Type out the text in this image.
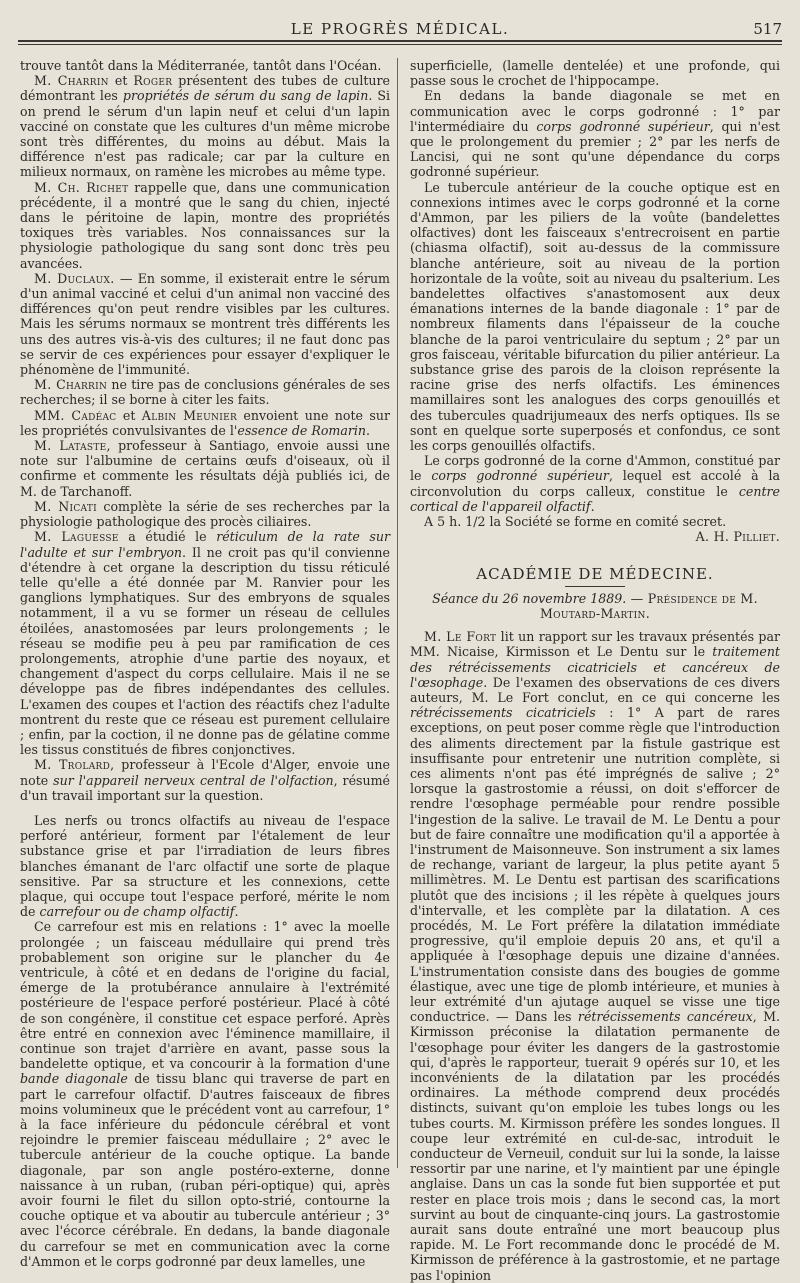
LE PROGRÈS MÉDICAL.	517

trouve tantôt dans la Méditerranée, tantôt dans l'Océan.

M. Charrin et Roger présentent des tubes de culture démontrant les propriétés de sérum du sang de lapin. Si on prend le sérum d'un lapin neuf et celui d'un lapin vacciné on constate que les cultures d'un même microbe sont très différentes, du moins au début. Mais la différence n'est pas radicale; car par la culture en milieux normaux, on ramène les microbes au même type.

M. Ch. Richet rappelle que, dans une communication précédente, il a montré que le sang du chien, injecté dans le péritoine de lapin, montre des propriétés toxiques très variables. Nos connaissances sur la physiologie pathologique du sang sont donc très peu avancées.

M. Duclaux. — En somme, il existerait entre le sérum d'un animal vacciné et celui d'un animal non vacciné des différences qu'on peut rendre visibles par les cultures. Mais les sérums normaux se montrent très différents les uns des autres vis-à-vis des cultures; il ne faut donc pas se servir de ces expériences pour essayer d'expliquer le phénomène de l'immunité.

M. Charrin ne tire pas de conclusions générales de ses recherches; il se borne à citer les faits.

MM. Cadéac et Albin Meunier envoient une note sur les propriétés convulsivantes de l'essence de Romarin.

M. Lataste, professeur à Santiago, envoie aussi une note sur l'albumine de certains œufs d'oiseaux, où il confirme et commente les résultats déjà publiés ici, de M. de Tarchanoff.

M. Nicati complète la série de ses recherches par la physiologie pathologique des procès ciliaires.

M. Laguesse a étudié le réticulum de la rate sur l'adulte et sur l'embryon. Il ne croit pas qu'il convienne d'étendre à cet organe la description du tissu réticulé telle qu'elle a été donnée par M. Ranvier pour les ganglions lymphatiques. Sur des embryons de squales notamment, il a vu se former un réseau de cellules étoilées, anastomosées par leurs prolongements ; le réseau se modifie peu à peu par ramification de ces prolongements, atrophie d'une partie des noyaux, et changement d'aspect du corps cellulaire. Mais il ne se développe pas de fibres indépendantes des cellules. L'examen des coupes et l'action des réactifs chez l'adulte montrent du reste que ce réseau est purement cellulaire ; enfin, par la coction, il ne donne pas de gélatine comme les tissus constitués de fibres conjonctives.

M. Trolard, professeur à l'Ecole d'Alger, envoie une note sur l'appareil nerveux central de l'olfaction, résumé d'un travail important sur la question.

Les nerfs ou troncs olfactifs au niveau de l'espace perforé antérieur, forment par l'étalement de leur substance grise et par l'irradiation de leurs fibres blanches émanant de l'arc olfactif une sorte de plaque sensitive. Par sa structure et les connexions, cette plaque, qui occupe tout l'espace perforé, mérite le nom de carrefour ou de champ olfactif.

Ce carrefour est mis en relations : 1° avec la moelle prolongée ; un faisceau médullaire qui prend très probablement son origine sur le plancher du 4e ventricule, à côté et en dedans de l'origine du facial, émerge de la protubérance annulaire à l'extrémité postérieure de l'espace perforé postérieur. Placé à côté de son congénère, il constitue cet espace perforé. Après être entré en connexion avec l'éminence mamillaire, il continue son trajet d'arrière en avant, passe sous la bandelette optique, et va concourir à la formation d'une bande diagonale de tissu blanc qui traverse de part en part le carrefour olfactif. D'autres faisceaux de fibres moins volumineux que le précédent vont au carrefour, 1° à la face inférieure du pédoncule cérébral et vont rejoindre le premier faisceau médullaire ; 2° avec le tubercule antérieur de la couche optique. La bande diagonale, par son angle postéro-externe, donne naissance à un ruban, (ruban péri-optique) qui, après avoir fourni le filet du sillon opto-strié, contourne la couche optique et va aboutir au tubercule antérieur ; 3° avec l'écorce cérébrale. En dedans, la bande diagonale du carrefour se met en communication avec la corne d'Ammon et le corps godronné par deux lamelles, une

superficielle, (lamelle dentelée) et une profonde, qui passe sous le crochet de l'hippocampe.

En dedans la bande diagonale se met en communication avec le corps godronné : 1° par l'intermédiaire du corps godronné supérieur, qui n'est que le prolongement du premier ; 2° par les nerfs de Lancisi, qui ne sont qu'une dépendance du corps godronné supérieur.

Le tubercule antérieur de la couche optique est en connexions intimes avec le corps godronné et la corne d'Ammon, par les piliers de la voûte (bandelettes olfactives) dont les faisceaux s'entrecroisent en partie (chiasma olfactif), soit au-dessus de la commissure blanche antérieure, soit au niveau de la portion horizontale de la voûte, soit au niveau du psalterium. Les bandelettes olfactives s'anastomosent aux deux émanations internes de la bande diagonale : 1° par de nombreux filaments dans l'épaisseur de la couche blanche de la paroi ventriculaire du septum ; 2° par un gros faisceau, véritable bifurcation du pilier antérieur. La substance grise des parois de la cloison représente la racine grise des nerfs olfactifs. Les éminences mamillaires sont les analogues des corps genouillés et des tubercules quadrijumeaux des nerfs optiques. Ils se sont en quelque sorte superposés et confondus, ce sont les corps genouillés olfactifs.

Le corps godronné de la corne d'Ammon, constitué par le corps godronné supérieur, lequel est accolé à la circonvolution du corps calleux, constitue le centre cortical de l'appareil olfactif.

A 5 h. 1/2 la Société se forme en comité secret.

A. H. Pilliet.

ACADÉMIE DE MÉDECINE.

Séance du 26 novembre 1889. — Présidence de M. Moutard-Martin.

M. Le Fort lit un rapport sur les travaux présentés par MM. Nicaise, Kirmisson et Le Dentu sur le traitement des rétrécissements cicatriciels et cancéreux de l'œsophage. De l'examen des observations de ces divers auteurs, M. Le Fort conclut, en ce qui concerne les rétrécissements cicatriciels : 1° A part de rares exceptions, on peut poser comme règle que l'introduction des aliments directement par la fistule gastrique est insuffisante pour entretenir une nutrition complète, si ces aliments n'ont pas été imprégnés de salive ; 2° lorsque la gastrostomie a réussi, on doit s'efforcer de rendre l'œsophage perméable pour rendre possible l'ingestion de la salive. Le travail de M. Le Dentu a pour but de faire connaître une modification qu'il a apportée à l'instrument de Maisonneuve. Son instrument a six lames de rechange, variant de largeur, la plus petite ayant 5 millimètres. M. Le Dentu est partisan des scarifications plutôt que des incisions ; il les répète à quelques jours d'intervalle, et les complète par la dilatation. A ces procédés, M. Le Fort préfère la dilatation immédiate progressive, qu'il emploie depuis 20 ans, et qu'il a appliquée à l'œsophage depuis une dizaine d'années. L'instrumentation consiste dans des bougies de gomme élastique, avec une tige de plomb intérieure, et munies à leur extrémité d'un ajutage auquel se visse une tige conductrice. — Dans les rétrécissements cancéreux, M. Kirmisson préconise la dilatation permanente de l'œsophage pour éviter les dangers de la gastrostomie qui, d'après le rapporteur, tuerait 9 opérés sur 10, et les inconvénients de la dilatation par les procédés ordinaires. La méthode comprend deux procédés distincts, suivant qu'on emploie les tubes longs ou les tubes courts. M. Kirmisson préfère les sondes longues. Il coupe leur extrémité en cul-de-sac, introduit le conducteur de Verneuil, conduit sur lui la sonde, la laisse ressortir par une narine, et l'y maintient par une épingle anglaise. Dans un cas la sonde fut bien supportée et put rester en place trois mois ; dans le second cas, la mort survint au bout de cinquante-cinq jours. La gastrostomie aurait sans doute entraîné une mort beaucoup plus rapide. M. Le Fort recommande donc le procédé de M. Kirmisson de préférence à la gastrostomie, et ne partage pas l'opinion
